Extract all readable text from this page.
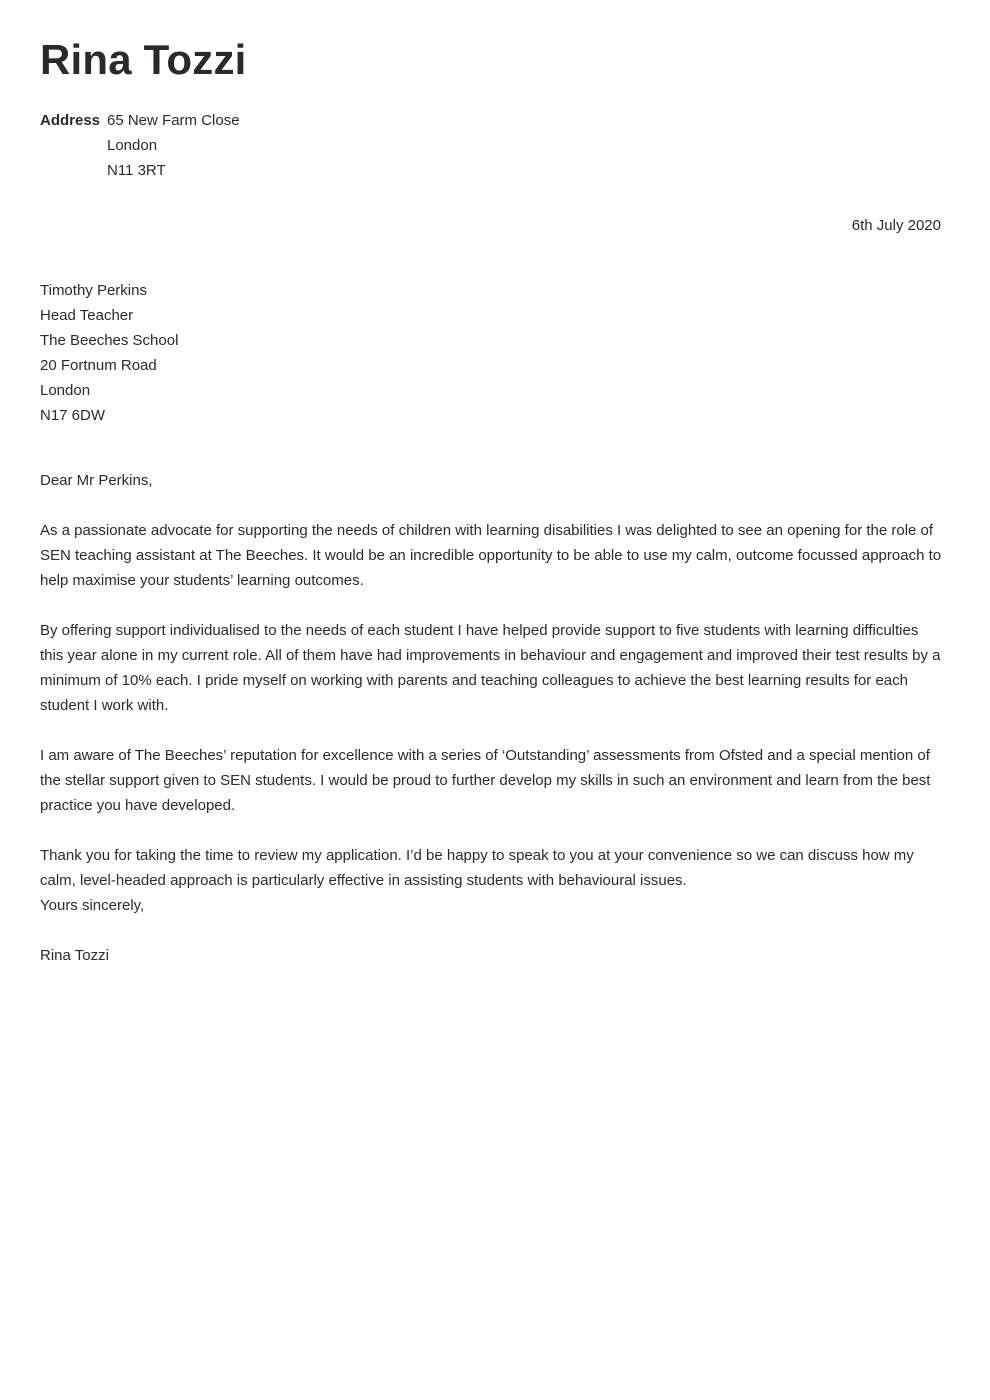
Rina Tozzi
Address 65 New Farm Close
London
N11 3RT
6th July 2020
Timothy Perkins
Head Teacher
The Beeches School
20 Fortnum Road
London
N17 6DW

Dear Mr Perkins,

As a passionate advocate for supporting the needs of children with learning disabilities I was delighted to see an opening for the role of SEN teaching assistant at The Beeches. It would be an incredible opportunity to be able to use my calm, outcome focussed approach to help maximise your students’ learning outcomes.

By offering support individualised to the needs of each student I have helped provide support to five students with learning difficulties this year alone in my current role. All of them have had improvements in behaviour and engagement and improved their test results by a minimum of 10% each. I pride myself on working with parents and teaching colleagues to achieve the best learning results for each student I work with.

I am aware of The Beeches’ reputation for excellence with a series of ‘Outstanding’ assessments from Ofsted and a special mention of the stellar support given to SEN students. I would be proud to further develop my skills in such an environment and learn from the best practice you have developed.

Thank you for taking the time to review my application. I’d be happy to speak to you at your convenience so we can discuss how my calm, level-headed approach is particularly effective in assisting students with behavioural issues.

Yours sincerely,

Rina Tozzi
